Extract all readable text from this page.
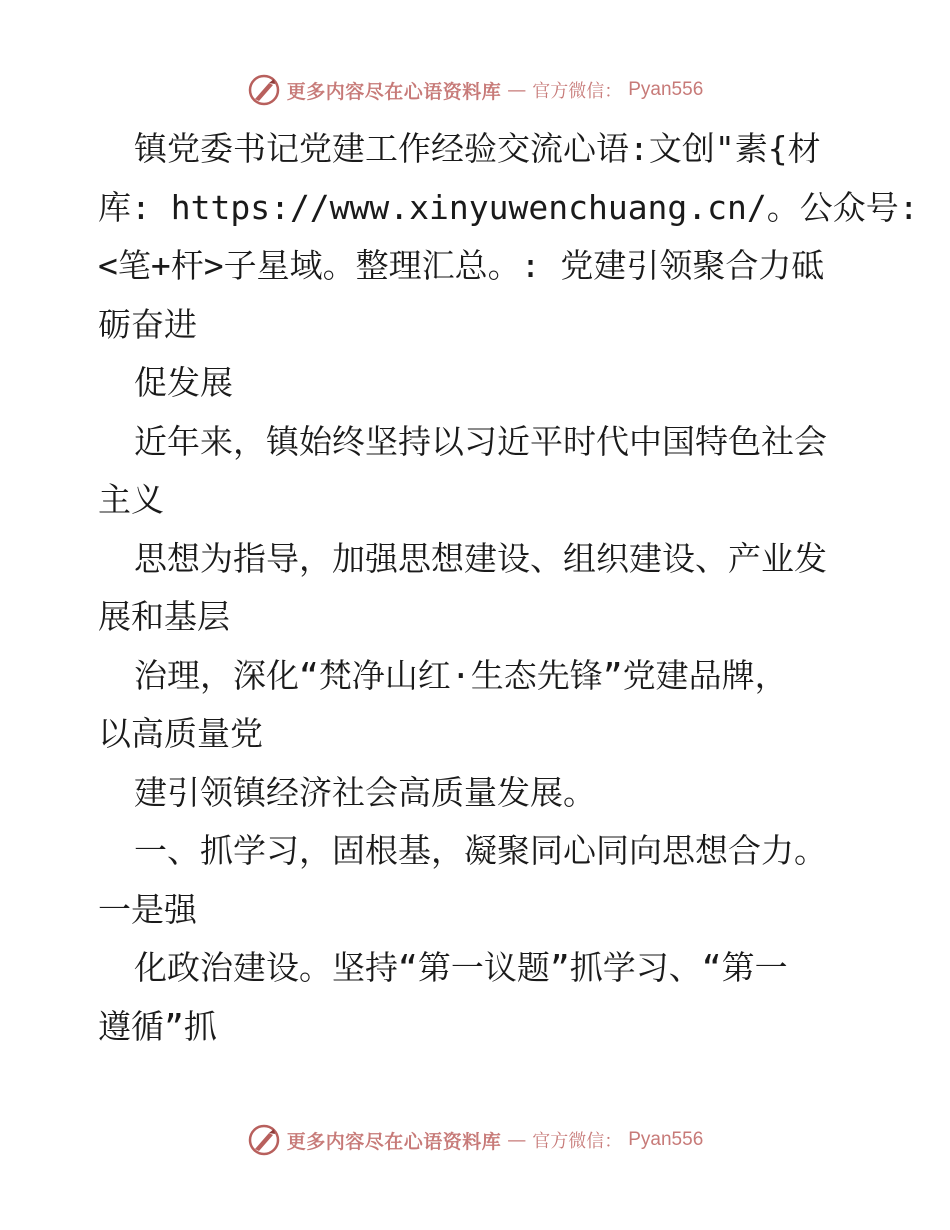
更多内容尽在心语资料库 — 官方微信： Pyan556
镇党委书记党建工作经验交流心语:文创"素{材
库: https://www.xinyuwenchuang.cn/。公众号:
<笔+杆>子星域。整理汇总。: 党建引领聚合力砥
砺奋进
促发展
近年来，镇始终坚持以习近平时代中国特色社会
主义
思想为指导，加强思想建设、组织建设、产业发
展和基层
治理，深化“梵净山红·生态先锋”党建品牌，
以高质量党
建引领镇经济社会高质量发展。
一、抓学习，固根基，凝聚同心同向思想合力。
一是强
化政治建设。坚持“第一议题”抓学习、“第一
遵循”抓
更多内容尽在心语资料库 — 官方微信： Pyan556
